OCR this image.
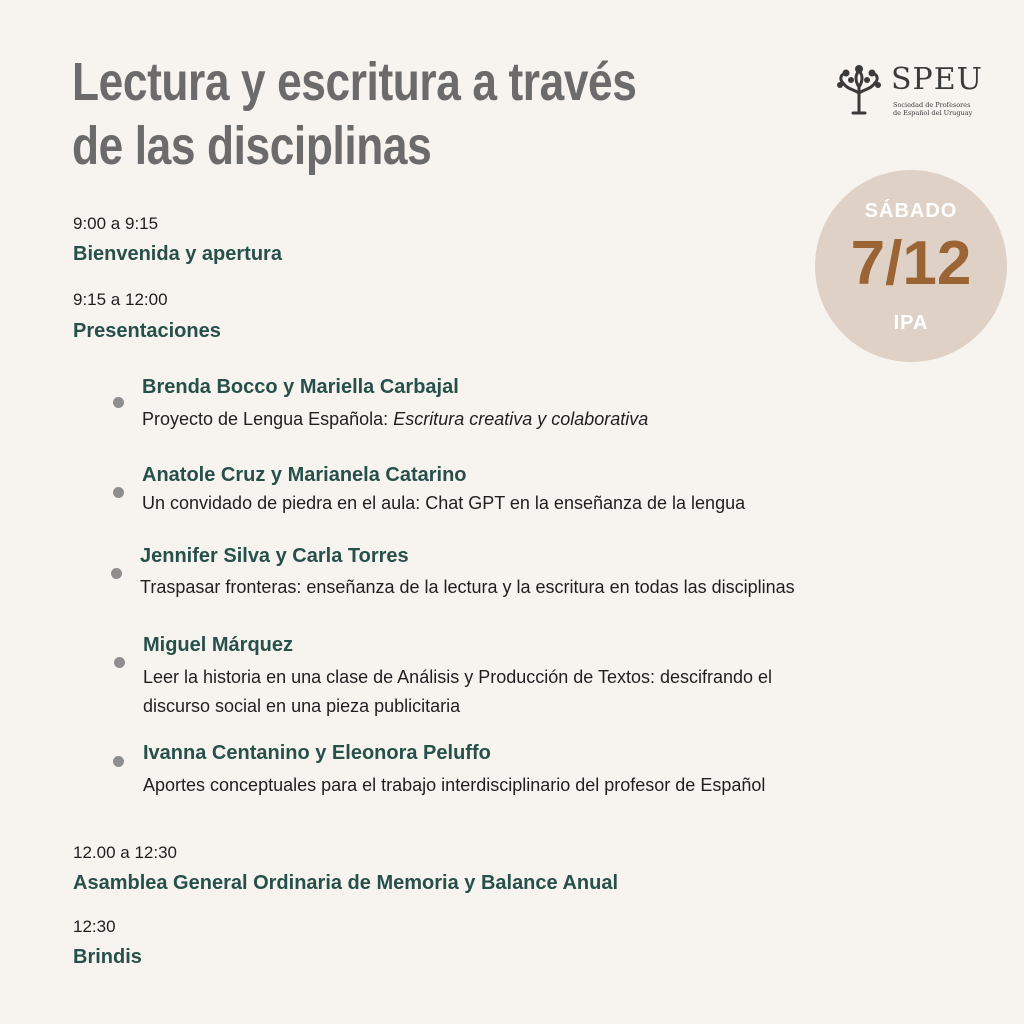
Lectura y escritura a través
de las disciplinas
SPEU
Sociedad de Profesores
de Español del Uruguay
SÁBADO
7/12
IPA
9:00 a 9:15
Bienvenida y apertura
9:15 a 12:00
Presentaciones
Brenda Bocco y Mariella Carbajal
Proyecto de Lengua Española: Escritura creativa y colaborativa
Anatole Cruz y Marianela Catarino
Un convidado de piedra en el aula: Chat GPT en la enseñanza de la lengua
Jennifer Silva y Carla Torres
Traspasar fronteras: enseñanza de la lectura y la escritura en todas las disciplinas
Miguel Márquez
Leer la historia en una clase de Análisis y Producción de Textos: descifrando el
discurso social en una pieza publicitaria
Ivanna Centanino y Eleonora Peluffo
Aportes conceptuales para el trabajo interdisciplinario del profesor de Español
12.00 a 12:30
Asamblea General Ordinaria de Memoria y Balance Anual
12:30
Brindis
